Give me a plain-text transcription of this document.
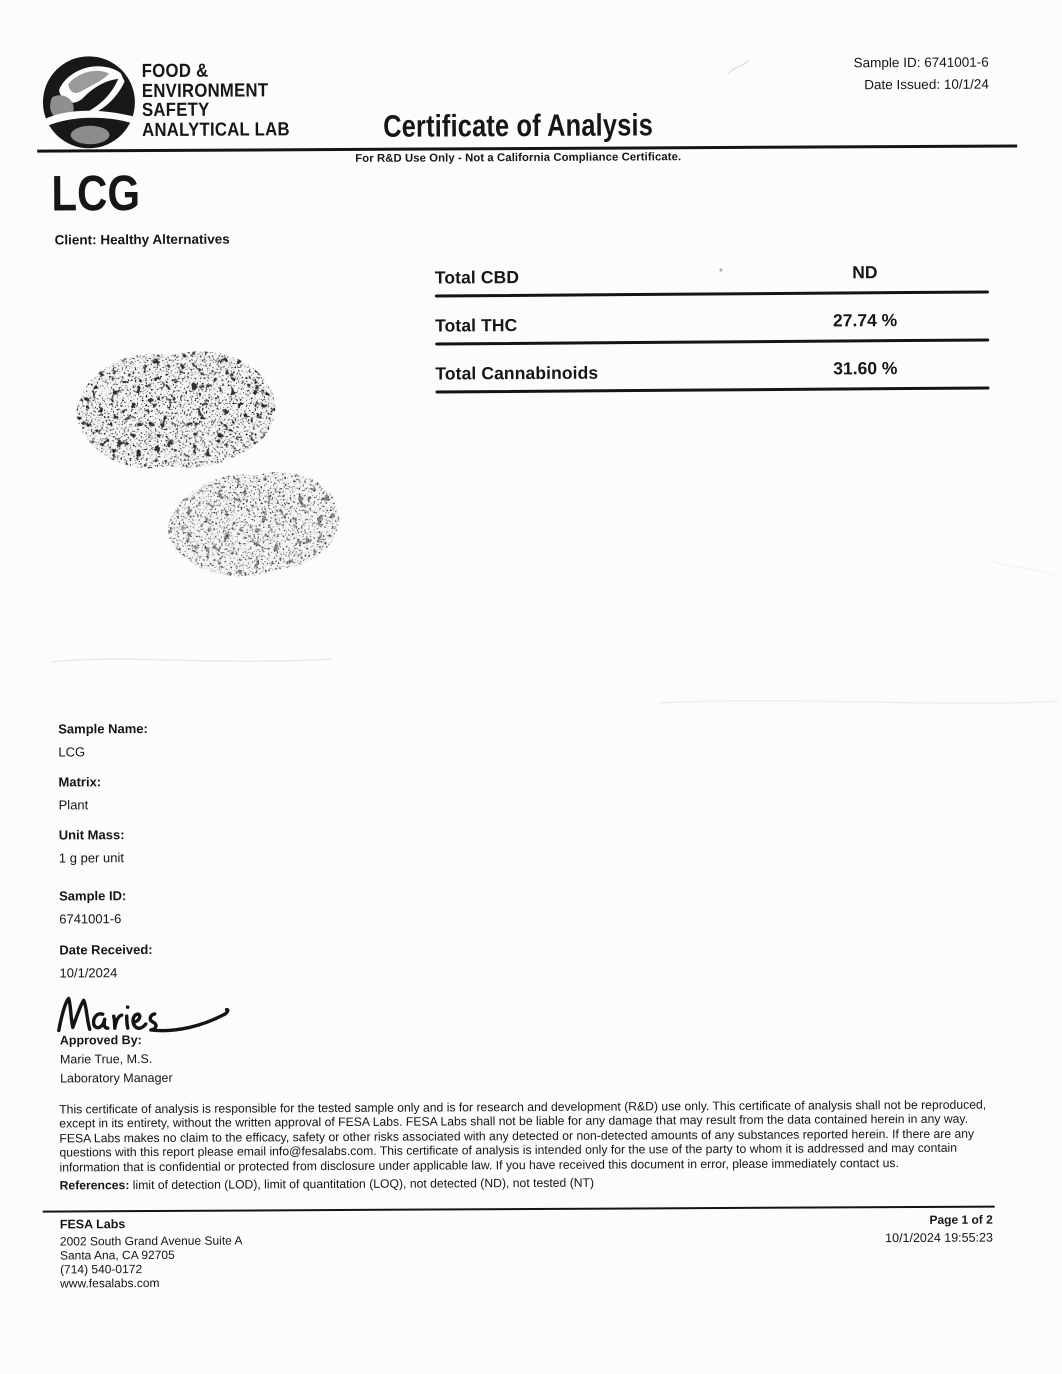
FOOD &
ENVIRONMENT
SAFETY
ANALYTICAL LAB
Sample ID: 6741001-6
Date Issued: 10/1/24
Certificate of Analysis
For R&D Use Only - Not a California Compliance Certificate.
LCG
Client: Healthy Alternatives
Total CBD	ND
Total THC	27.74 %
Total Cannabinoids	31.60 %
Sample Name:
LCG
Matrix:
Plant
Unit Mass:
1 g per unit
Sample ID:
6741001-6
Date Received:
10/1/2024
Approved By:
Marie True, M.S.
Laboratory Manager
This certificate of analysis is responsible for the tested sample only and is for research and development (R&D) use only. This certificate of analysis shall not be reproduced, except in its entirety, without the written approval of FESA Labs. FESA Labs shall not be liable for any damage that may result from the data contained herein in any way. FESA Labs makes no claim to the efficacy, safety or other risks associated with any detected or non-detected amounts of any substances reported herein. If there are any questions with this report please email info@fesalabs.com. This certificate of analysis is intended only for the use of the party to whom it is addressed and may contain information that is confidential or protected from disclosure under applicable law. If you have received this document in error, please immediately contact us.
References: limit of detection (LOD), limit of quantitation (LOQ), not detected (ND), not tested (NT)
FESA Labs
2002 South Grand Avenue Suite A
Santa Ana, CA 92705
(714) 540-0172
www.fesalabs.com
Page 1 of 2
10/1/2024 19:55:23
